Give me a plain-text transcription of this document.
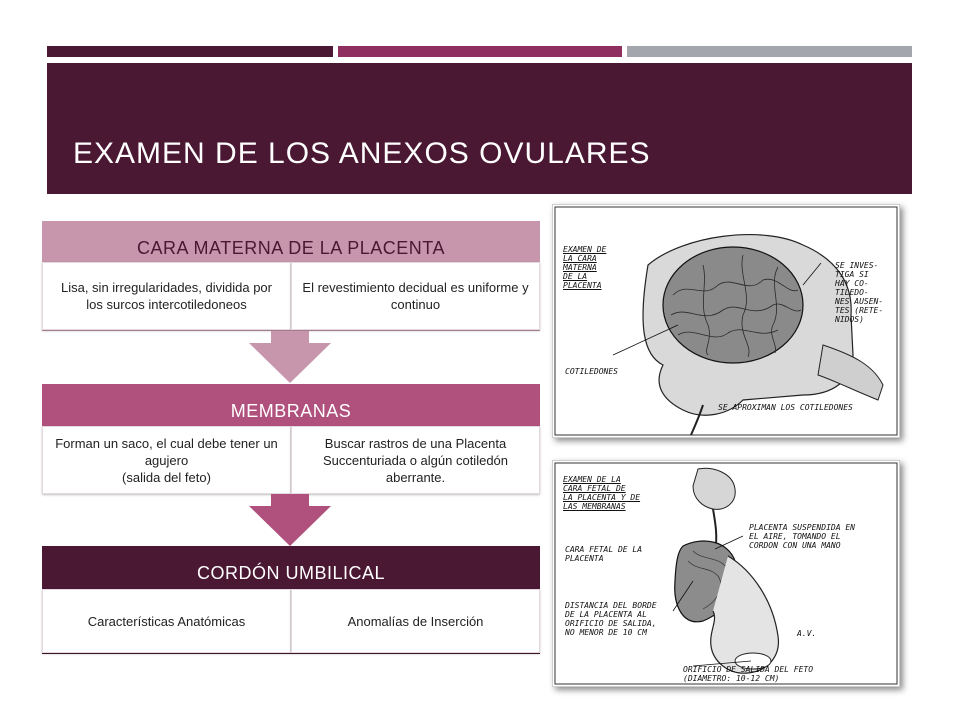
EXAMEN DE LOS ANEXOS OVULARES
CARA MATERNA DE LA PLACENTA
Lisa, sin irregularidades, dividida por los surcos intercotiledoneos
El revestimiento decidual es uniforme y continuo
MEMBRANAS
Forman un saco, el cual debe tener un agujero
(salida del feto)
Buscar rastros de una Placenta Succenturiada o algún cotiledón aberrante.
CORDÓN UMBILICAL
Características Anatómicas	Anomalías de Inserción
EXAMEN DE
LA CARA
MATERNA
DE LA
PLACENTA
SE INVES-
TIGA SI
HAY CO-
TILEDO-
NES AUSEN-
TES (RETE-
NIDOS)
COTILEDONES
SE APROXIMAN LOS COTILEDONES
EXAMEN DE LA
CARA FETAL DE
LA PLACENTA Y DE
LAS MEMBRANAS
PLACENTA SUSPENDIDA EN
EL AIRE, TOMANDO EL
CORDON CON UNA MANO
CARA FETAL DE LA
PLACENTA
DISTANCIA DEL BORDE
DE LA PLACENTA AL
ORIFICIO DE SALIDA,
NO MENOR DE 10 CM	A.V.
ORIFICIO DE SALIDA DEL FETO
(DIAMETRO: 10-12 CM)
